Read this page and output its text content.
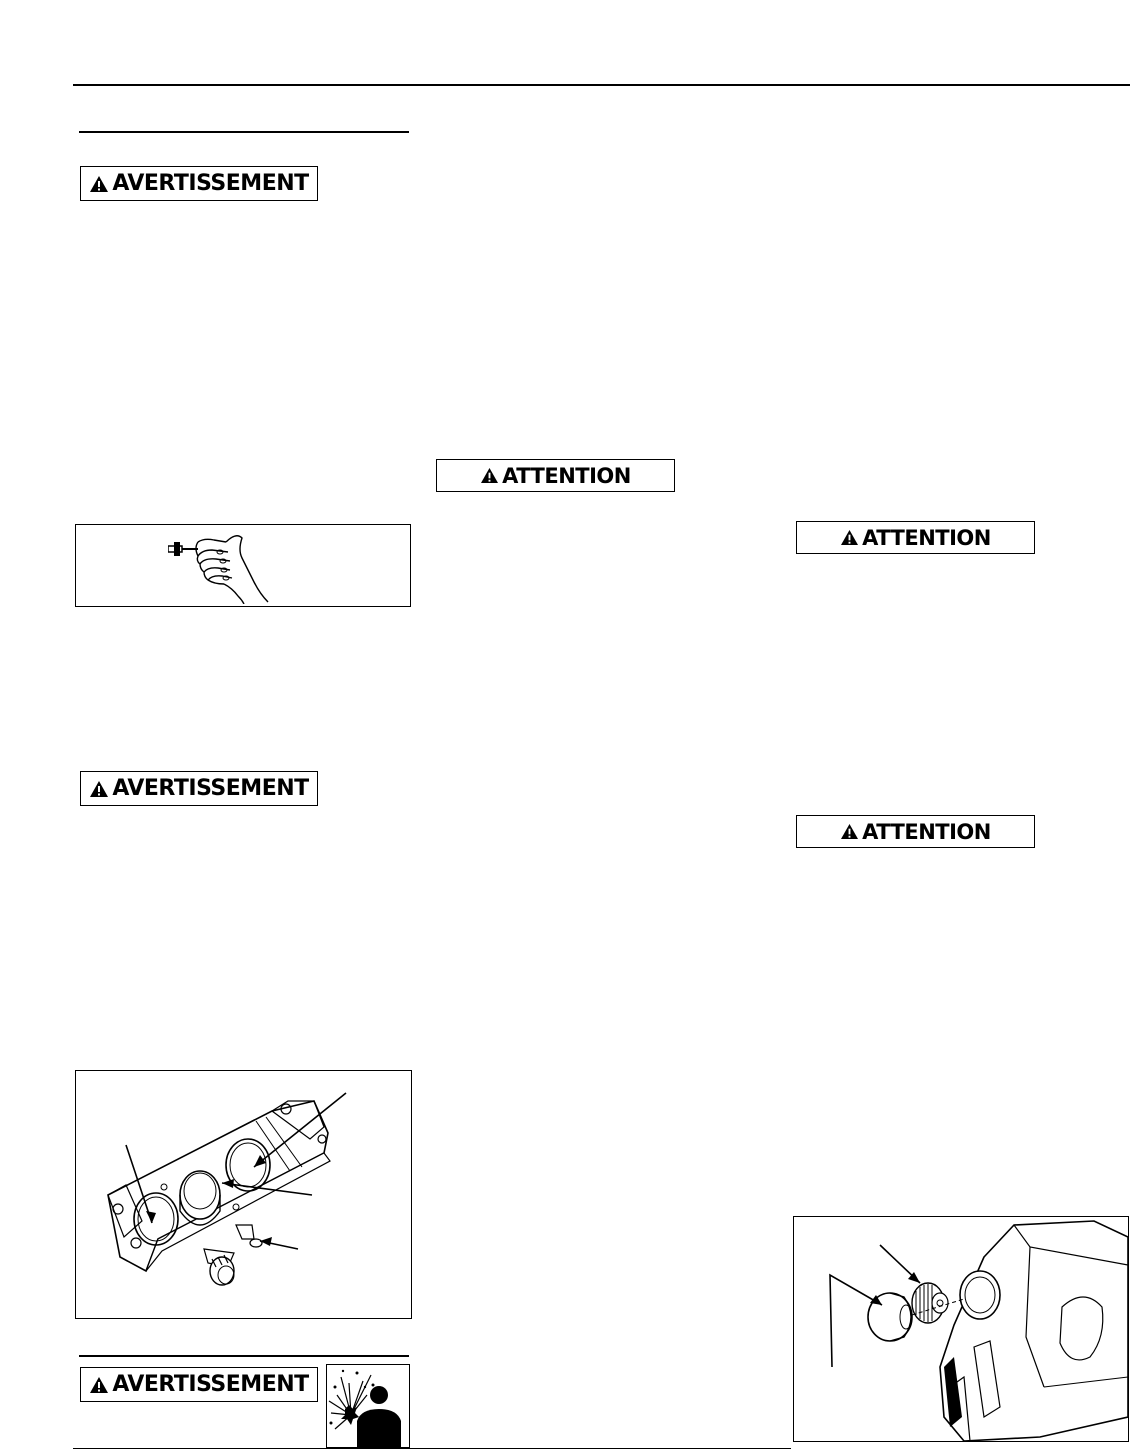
AVERTISSEMENT
AVERTISSEMENT
AVERTISSEMENT
ATTENTION
ATTENTION
ATTENTION
